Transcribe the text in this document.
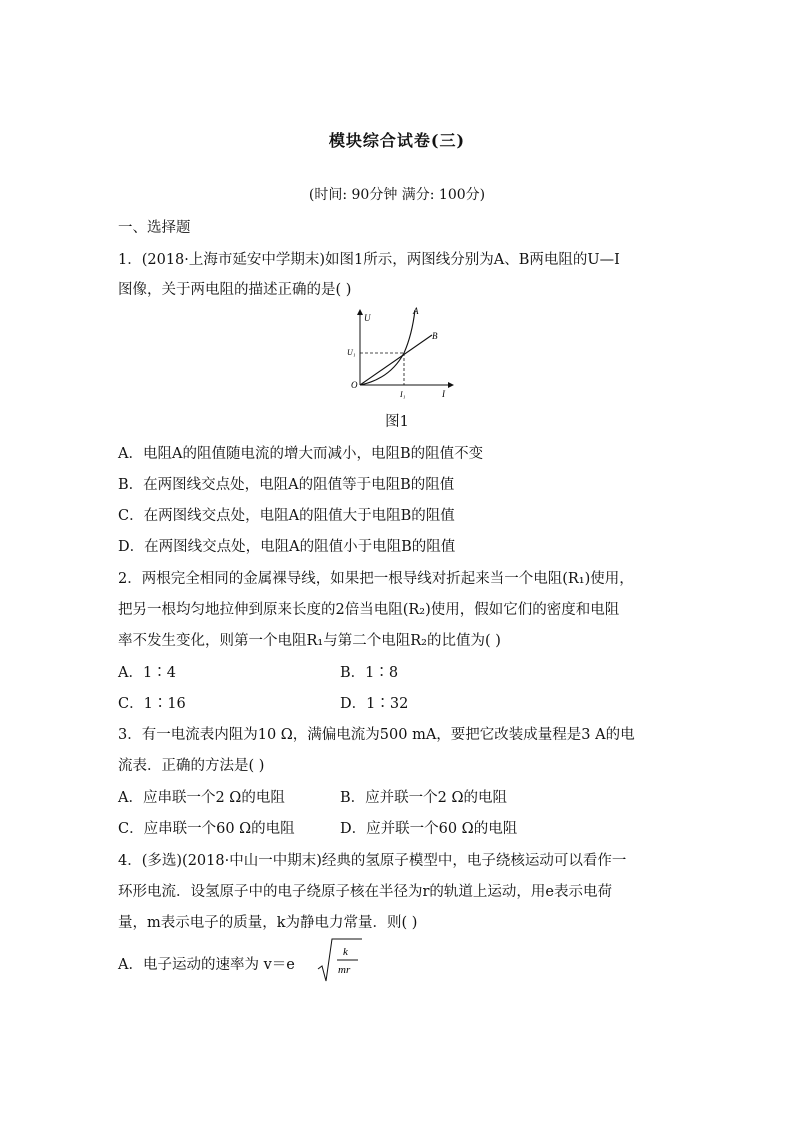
模块综合试卷(三)
(时间: 90分钟 满分: 100分)
一、选择题
1．(2018·上海市延安中学期末)如图1所示，两图线分别为A、B两电阻的U—I
图像，关于两电阻的描述正确的是( )
U
I
O
U₁
I₁
A
B
图1
A．电阻A的阻值随电流的增大而减小，电阻B的阻值不变
B．在两图线交点处，电阻A的阻值等于电阻B的阻值
C．在两图线交点处，电阻A的阻值大于电阻B的阻值
D．在两图线交点处，电阻A的阻值小于电阻B的阻值
2．两根完全相同的金属裸导线，如果把一根导线对折起来当一个电阻(R₁)使用，
把另一根均匀地拉伸到原来长度的2倍当电阻(R₂)使用，假如它们的密度和电阻
率不发生变化，则第一个电阻R₁与第二个电阻R₂的比值为( )
A．1∶4	B．1∶8
C．1∶16	D．1∶32
3．有一电流表内阻为10 Ω，满偏电流为500 mA，要把它改装成量程是3 A的电
流表．正确的方法是( )
A．应串联一个2 Ω的电阻	B．应并联一个2 Ω的电阻
C．应串联一个60 Ω的电阻	D．应并联一个60 Ω的电阻
4．(多选)(2018·中山一中期末)经典的氢原子模型中，电子绕核运动可以看作一
环形电流．设氢原子中的电子绕原子核在半径为r的轨道上运动，用e表示电荷
量，m表示电子的质量，k为静电力常量．则( )
A．电子运动的速率为 v＝e
k
mr
